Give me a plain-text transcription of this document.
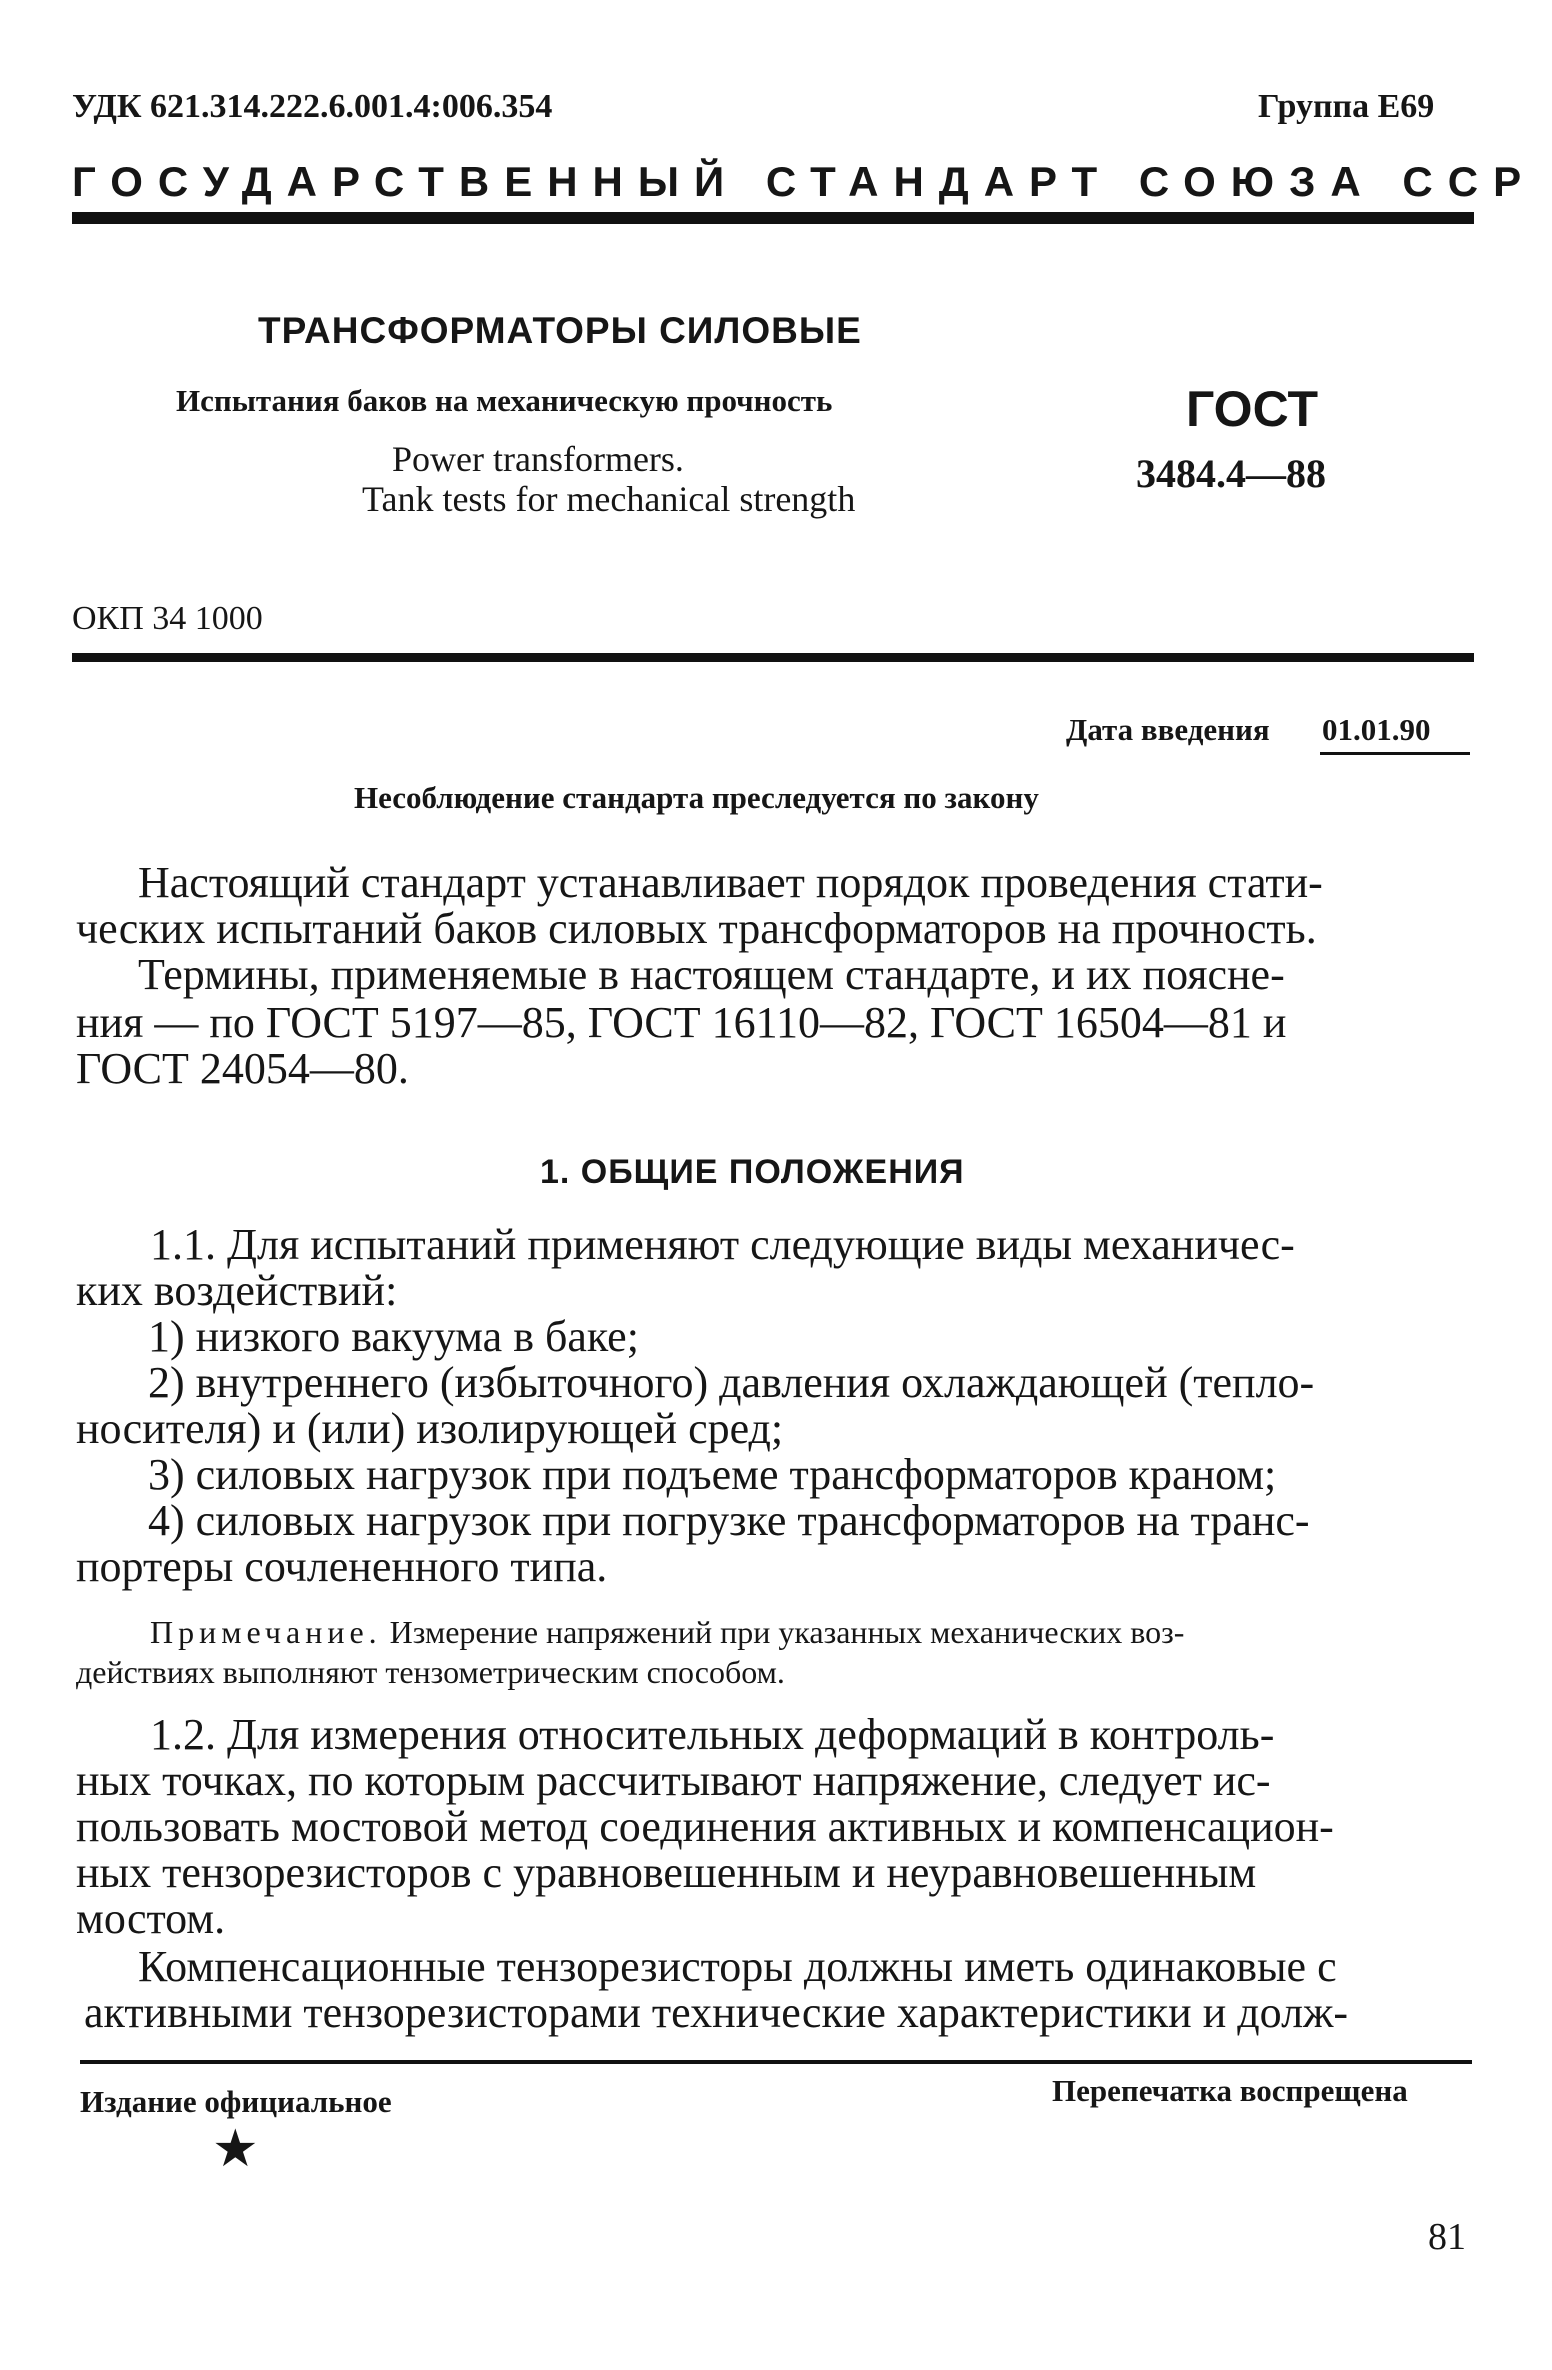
УДК 621.314.222.6.001.4:006.354	Группа Е69
ГОСУДАРСТВЕННЫЙ СТАНДАРТ СОЮЗА ССР
ТРАНСФОРМАТОРЫ СИЛОВЫЕ
Испытания баков на механическую прочность
Power transformers.
Tank tests for mechanical strength
ГОСТ
3484.4—88
ОКП 34 1000
Дата введения 01.01.90
Несоблюдение стандарта преследуется по закону
Настоящий стандарт устанавливает порядок проведения стати-
ческих испытаний баков силовых трансформаторов на прочность.
Термины, применяемые в настоящем стандарте, и их поясне-
ния — по ГОСТ 5197—85, ГОСТ 16110—82, ГОСТ 16504—81 и
ГОСТ 24054—80.
1. ОБЩИЕ ПОЛОЖЕНИЯ
1.1. Для испытаний применяют следующие виды механичес-
ких воздействий:
1) низкого вакуума в баке;
2) внутреннего (избыточного) давления охлаждающей (тепло-
носителя) и (или) изолирующей сред;
3) силовых нагрузок при подъеме трансформаторов краном;
4) силовых нагрузок при погрузке трансформаторов на транс-
портеры сочлененного типа.
Примечание. Измерение напряжений при указанных механических воз-
действиях выполняют тензометрическим способом.
1.2. Для измерения относительных деформаций в контроль-
ных точках, по которым рассчитывают напряжение, следует ис-
пользовать мостовой метод соединения активных и компенсацион-
ных тензорезисторов с уравновешенным и неуравновешенным
мостом.
Компенсационные тензорезисторы должны иметь одинаковые с
активными тензорезисторами технические характеристики и долж-
Издание официальное	Перепечатка воспрещена
★
81
